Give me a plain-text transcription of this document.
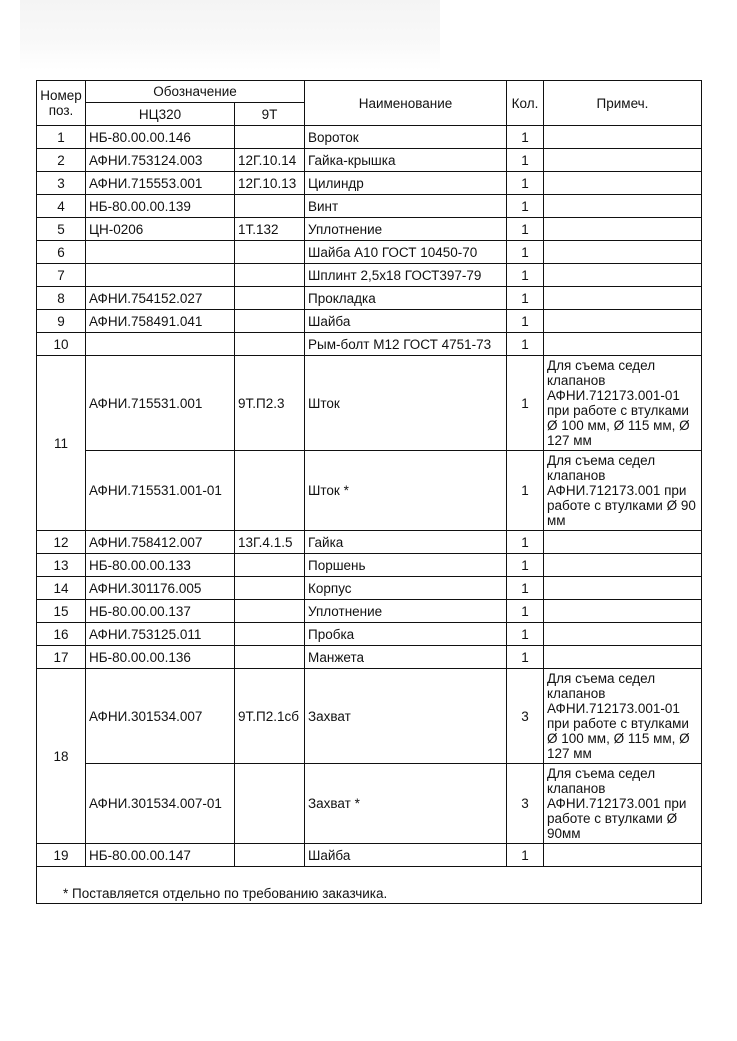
Номер поз.	Обозначение		Наименование	Кол.	Примеч.
	НЦ320	9Т			
1	НБ-80.00.00.146		Вороток	1	
2	АФНИ.753124.003	12Г.10.14	Гайка-крышка	1	
3	АФНИ.715553.001	12Г.10.13	Цилиндр	1	
4	НБ-80.00.00.139		Винт	1	
5	ЦН-0206	1Т.132	Уплотнение	1	
6			Шайба А10 ГОСТ 10450-70	1	
7			Шплинт 2,5х18 ГОСТ397-79	1	
8	АФНИ.754152.027		Прокладка	1	
9	АФНИ.758491.041		Шайба	1	
10			Рым-болт М12 ГОСТ 4751-73	1	
11	АФНИ.715531.001	9Т.П2.3	Шток	1	Для съема седел клапанов АФНИ.712173.001-01 при работе с втулками Ø 100 мм, Ø 115 мм, Ø 127 мм
	АФНИ.715531.001-01		Шток *	1	Для съема седел клапанов АФНИ.712173.001 при работе с втулками Ø 90 мм
12	АФНИ.758412.007	13Г.4.1.5	Гайка	1	
13	НБ-80.00.00.133		Поршень	1	
14	АФНИ.301176.005		Корпус	1	
15	НБ-80.00.00.137		Уплотнение	1	
16	АФНИ.753125.011		Пробка	1	
17	НБ-80.00.00.136		Манжета	1	
18	АФНИ.301534.007	9Т.П2.1сб	Захват	3	Для съема седел клапанов АФНИ.712173.001-01 при работе с втулками Ø 100 мм, Ø 115 мм, Ø 127 мм
	АФНИ.301534.007-01		Захват *	3	Для съема седел клапанов АФНИ.712173.001 при работе с втулками Ø 90мм
19	НБ-80.00.00.147		Шайба	1	
* Поставляется отдельно по требованию заказчика.					
